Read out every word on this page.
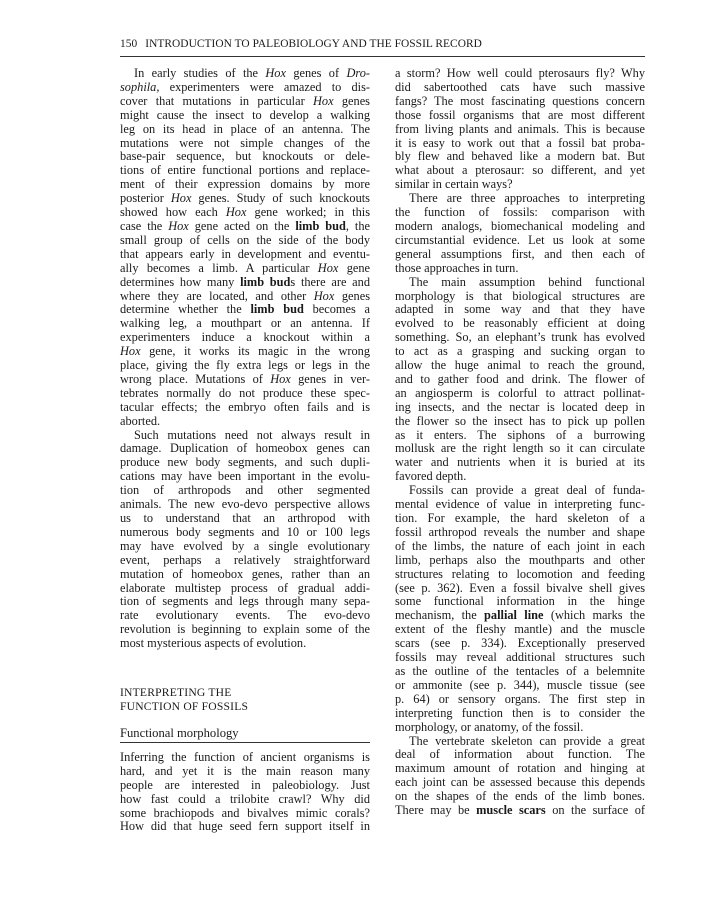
150 INTRODUCTION TO PALEOBIOLOGY AND THE FOSSIL RECORD

In early studies of the Hox genes of Dro-

sophila, experimenters were amazed to dis-

cover that mutations in particular Hox genes

might cause the insect to develop a walking

leg on its head in place of an antenna. The

mutations were not simple changes of the

base-pair sequence, but knockouts or dele-

tions of entire functional portions and replace-

ment of their expression domains by more

posterior Hox genes. Study of such knockouts

showed how each Hox gene worked; in this

case the Hox gene acted on the limb bud, the

small group of cells on the side of the body

that appears early in development and eventu-

ally becomes a limb. A particular Hox gene

determines how many limb buds there are and

where they are located, and other Hox genes

determine whether the limb bud becomes a

walking leg, a mouthpart or an antenna. If

experimenters induce a knockout within a

Hox gene, it works its magic in the wrong

place, giving the fly extra legs or legs in the

wrong place. Mutations of Hox genes in ver-

tebrates normally do not produce these spec-

tacular effects; the embryo often fails and is

aborted.

Such mutations need not always result in

damage. Duplication of homeobox genes can

produce new body segments, and such dupli-

cations may have been important in the evolu-

tion of arthropods and other segmented

animals. The new evo-devo perspective allows

us to understand that an arthropod with

numerous body segments and 10 or 100 legs

may have evolved by a single evolutionary

event, perhaps a relatively straightforward

mutation of homeobox genes, rather than an

elaborate multistep process of gradual addi-

tion of segments and legs through many sepa-

rate evolutionary events. The evo-devo

revolution is beginning to explain some of the

most mysterious aspects of evolution.

INTERPRETING THE
FUNCTION OF FOSSILS
Functional morphology

Inferring the function of ancient organisms is

hard, and yet it is the main reason many

people are interested in paleobiology. Just

how fast could a trilobite crawl? Why did

some brachiopods and bivalves mimic corals?

How did that huge seed fern support itself in

a storm? How well could pterosaurs fly? Why

did sabertoothed cats have such massive

fangs? The most fascinating questions concern

those fossil organisms that are most different

from living plants and animals. This is because

it is easy to work out that a fossil bat proba-

bly flew and behaved like a modern bat. But

what about a pterosaur: so different, and yet

similar in certain ways?

There are three approaches to interpreting

the function of fossils: comparison with

modern analogs, biomechanical modeling and

circumstantial evidence. Let us look at some

general assumptions first, and then each of

those approaches in turn.

The main assumption behind functional

morphology is that biological structures are

adapted in some way and that they have

evolved to be reasonably efficient at doing

something. So, an elephant’s trunk has evolved

to act as a grasping and sucking organ to

allow the huge animal to reach the ground,

and to gather food and drink. The flower of

an angiosperm is colorful to attract pollinat-

ing insects, and the nectar is located deep in

the flower so the insect has to pick up pollen

as it enters. The siphons of a burrowing

mollusk are the right length so it can circulate

water and nutrients when it is buried at its

favored depth.

Fossils can provide a great deal of funda-

mental evidence of value in interpreting func-

tion. For example, the hard skeleton of a

fossil arthropod reveals the number and shape

of the limbs, the nature of each joint in each

limb, perhaps also the mouthparts and other

structures relating to locomotion and feeding

(see p. 362). Even a fossil bivalve shell gives

some functional information in the hinge

mechanism, the pallial line (which marks the

extent of the fleshy mantle) and the muscle

scars (see p. 334). Exceptionally preserved

fossils may reveal additional structures such

as the outline of the tentacles of a belemnite

or ammonite (see p. 344), muscle tissue (see

p. 64) or sensory organs. The first step in

interpreting function then is to consider the

morphology, or anatomy, of the fossil.

The vertebrate skeleton can provide a great

deal of information about function. The

maximum amount of rotation and hinging at

each joint can be assessed because this depends

on the shapes of the ends of the limb bones.

There may be muscle scars on the surface of
